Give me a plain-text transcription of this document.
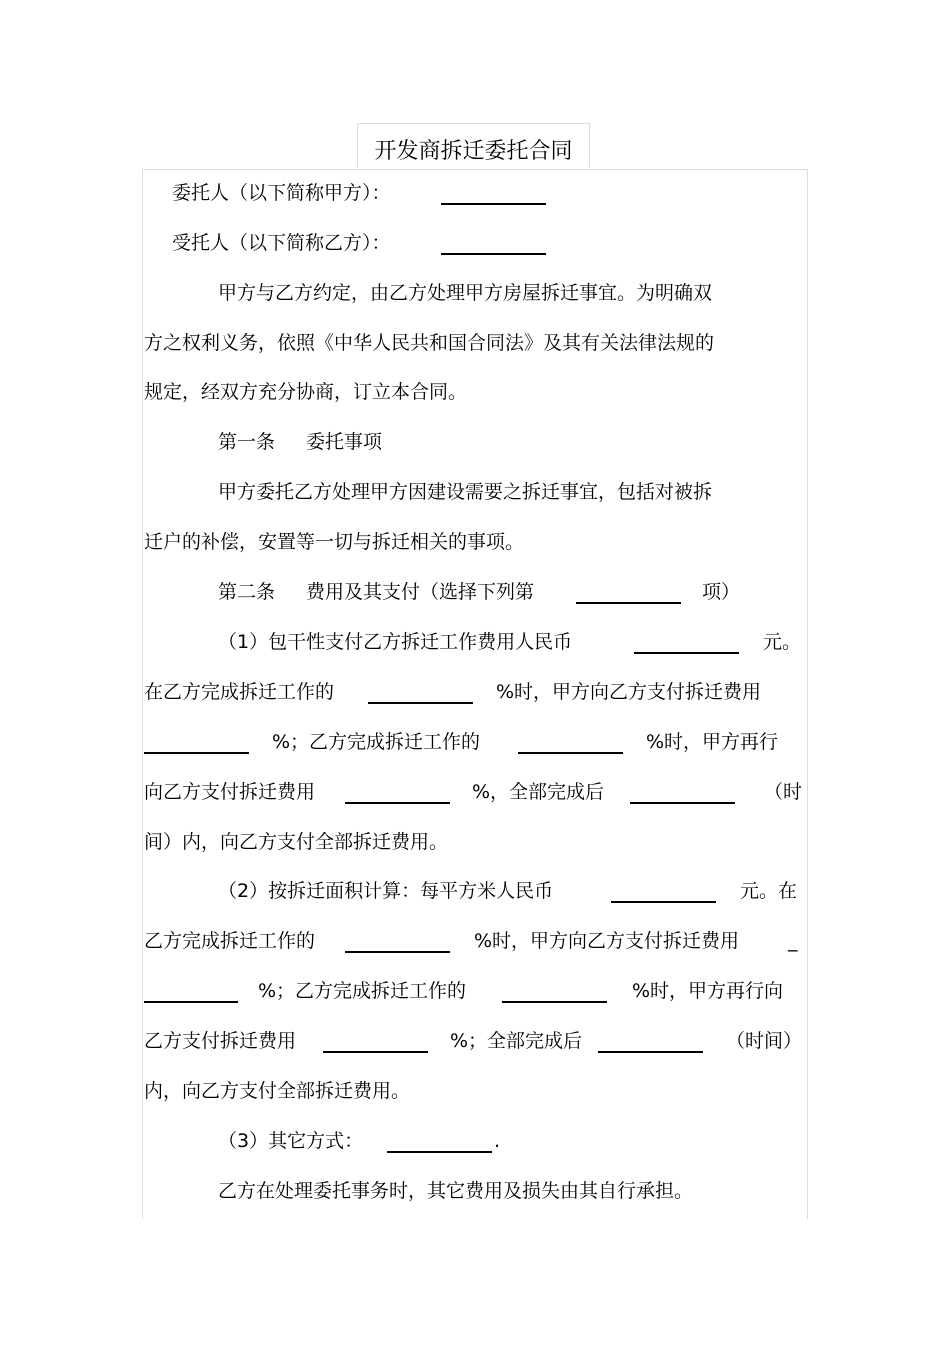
开发商拆迁委托合同
委托人（以下简称甲方）：
受托人（以下简称乙方）：
甲方与乙方约定，由乙方处理甲方房屋拆迁事宜。为明确双
方之权利义务，依照《中华人民共和国合同法》及其有关法律法规的
规定，经双方充分协商，订立本合同。
第一条 委托事项
甲方委托乙方处理甲方因建设需要之拆迁事宜，包括对被拆
迁户的补偿，安置等一切与拆迁相关的事项。
第二条 费用及其支付（选择下列第	项）
（1）包干性支付乙方拆迁工作费用人民币	元。
在乙方完成拆迁工作的	%时，甲方向乙方支付拆迁费用
%；乙方完成拆迁工作的	%时，甲方再行
向乙方支付拆迁费用	%，全部完成后	（时
间）内，向乙方支付全部拆迁费用。
（2）按拆迁面积计算：每平方米人民币	元。在
乙方完成拆迁工作的	%时，甲方向乙方支付拆迁费用	_
%；乙方完成拆迁工作的	%时，甲方再行向
乙方支付拆迁费用	%；全部完成后	（时间）
内，向乙方支付全部拆迁费用。
（3）其它方式：	.
乙方在处理委托事务时，其它费用及损失由其自行承担。
